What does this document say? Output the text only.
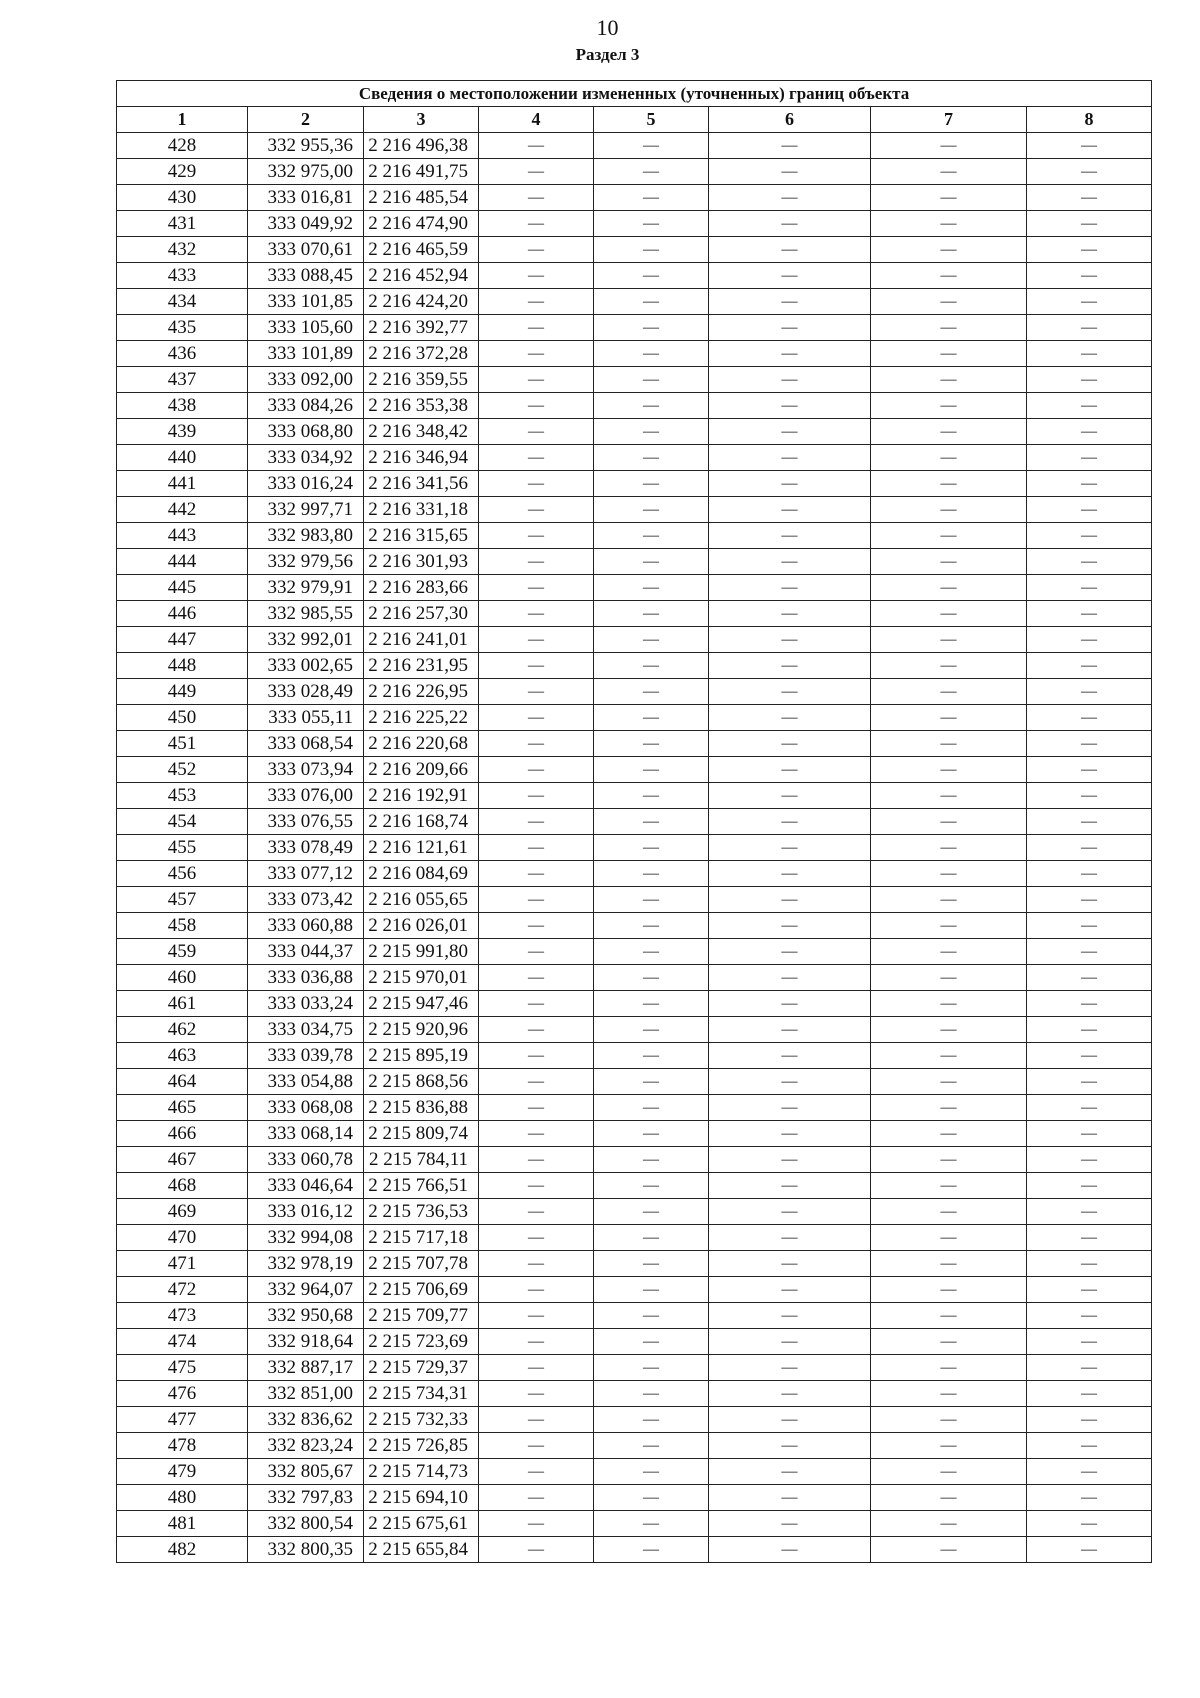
10
Раздел 3
Сведения о местоположении измененных (уточненных) границ объекта							
1	2	3	4	5	6	7	8
428	332 955,36	2 216 496,38	—	—	—	—	—
429	332 975,00	2 216 491,75	—	—	—	—	—
430	333 016,81	2 216 485,54	—	—	—	—	—
431	333 049,92	2 216 474,90	—	—	—	—	—
432	333 070,61	2 216 465,59	—	—	—	—	—
433	333 088,45	2 216 452,94	—	—	—	—	—
434	333 101,85	2 216 424,20	—	—	—	—	—
435	333 105,60	2 216 392,77	—	—	—	—	—
436	333 101,89	2 216 372,28	—	—	—	—	—
437	333 092,00	2 216 359,55	—	—	—	—	—
438	333 084,26	2 216 353,38	—	—	—	—	—
439	333 068,80	2 216 348,42	—	—	—	—	—
440	333 034,92	2 216 346,94	—	—	—	—	—
441	333 016,24	2 216 341,56	—	—	—	—	—
442	332 997,71	2 216 331,18	—	—	—	—	—
443	332 983,80	2 216 315,65	—	—	—	—	—
444	332 979,56	2 216 301,93	—	—	—	—	—
445	332 979,91	2 216 283,66	—	—	—	—	—
446	332 985,55	2 216 257,30	—	—	—	—	—
447	332 992,01	2 216 241,01	—	—	—	—	—
448	333 002,65	2 216 231,95	—	—	—	—	—
449	333 028,49	2 216 226,95	—	—	—	—	—
450	333 055,11	2 216 225,22	—	—	—	—	—
451	333 068,54	2 216 220,68	—	—	—	—	—
452	333 073,94	2 216 209,66	—	—	—	—	—
453	333 076,00	2 216 192,91	—	—	—	—	—
454	333 076,55	2 216 168,74	—	—	—	—	—
455	333 078,49	2 216 121,61	—	—	—	—	—
456	333 077,12	2 216 084,69	—	—	—	—	—
457	333 073,42	2 216 055,65	—	—	—	—	—
458	333 060,88	2 216 026,01	—	—	—	—	—
459	333 044,37	2 215 991,80	—	—	—	—	—
460	333 036,88	2 215 970,01	—	—	—	—	—
461	333 033,24	2 215 947,46	—	—	—	—	—
462	333 034,75	2 215 920,96	—	—	—	—	—
463	333 039,78	2 215 895,19	—	—	—	—	—
464	333 054,88	2 215 868,56	—	—	—	—	—
465	333 068,08	2 215 836,88	—	—	—	—	—
466	333 068,14	2 215 809,74	—	—	—	—	—
467	333 060,78	2 215 784,11	—	—	—	—	—
468	333 046,64	2 215 766,51	—	—	—	—	—
469	333 016,12	2 215 736,53	—	—	—	—	—
470	332 994,08	2 215 717,18	—	—	—	—	—
471	332 978,19	2 215 707,78	—	—	—	—	—
472	332 964,07	2 215 706,69	—	—	—	—	—
473	332 950,68	2 215 709,77	—	—	—	—	—
474	332 918,64	2 215 723,69	—	—	—	—	—
475	332 887,17	2 215 729,37	—	—	—	—	—
476	332 851,00	2 215 734,31	—	—	—	—	—
477	332 836,62	2 215 732,33	—	—	—	—	—
478	332 823,24	2 215 726,85	—	—	—	—	—
479	332 805,67	2 215 714,73	—	—	—	—	—
480	332 797,83	2 215 694,10	—	—	—	—	—
481	332 800,54	2 215 675,61	—	—	—	—	—
482	332 800,35	2 215 655,84	—	—	—	—	—
